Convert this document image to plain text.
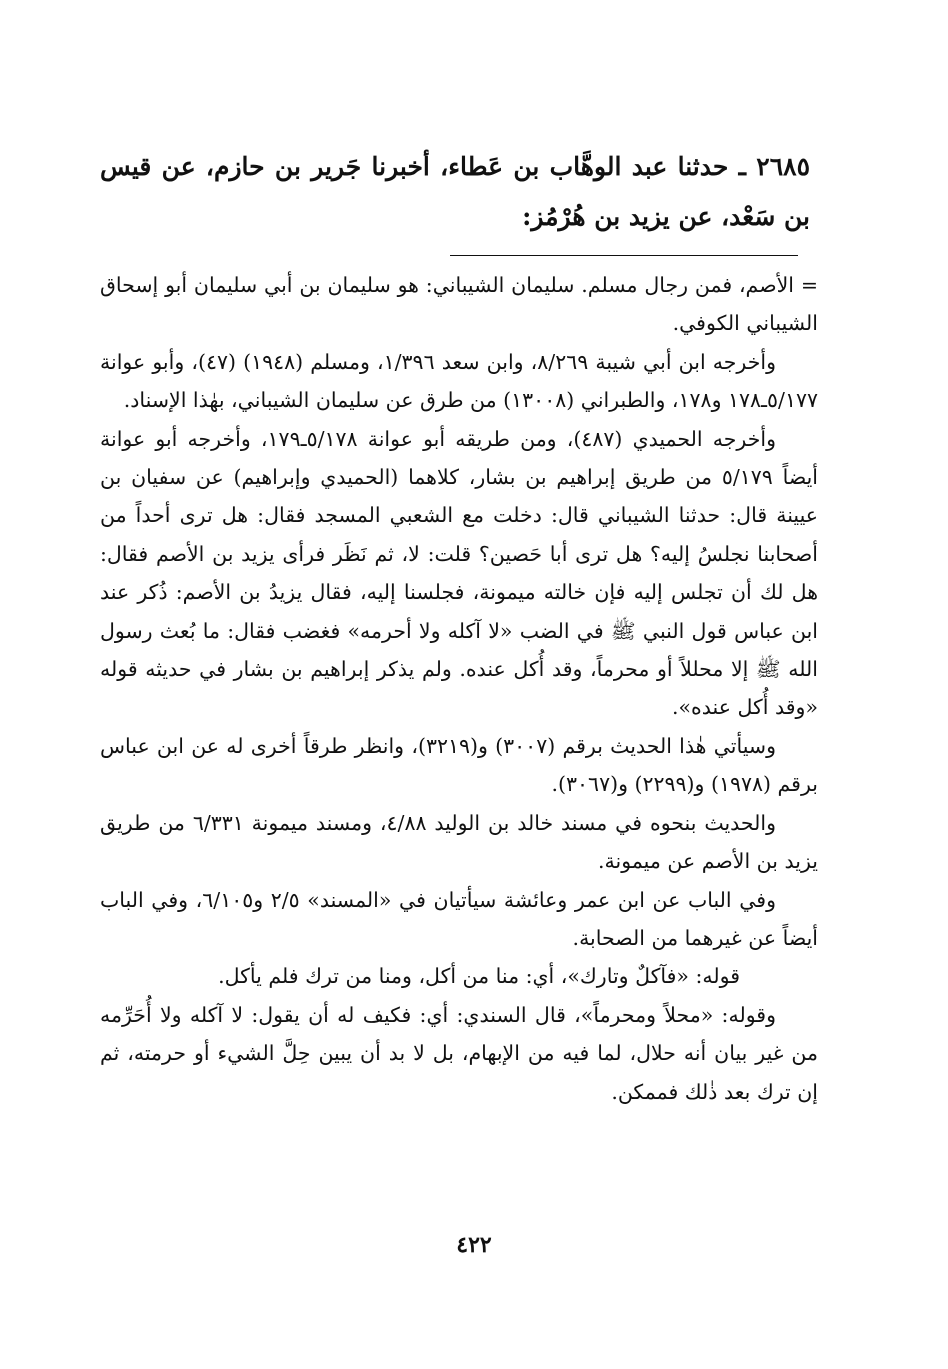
٢٦٨٥ ـ حدثنا عبد الوهَّاب بن عَطاء، أخبرنا جَرير بن حازم، عن قيس بن سَعْد، عن يزيد بن هُرْمُز:

= الأصم، فمن رجال مسلم. سليمان الشيباني: هو سليمان بن أبي سليمان أبو إسحاق الشيباني الكوفي.

وأخرجه ابن أبي شيبة ٨/٢٦٩، وابن سعد ١/٣٩٦، ومسلم (١٩٤٨) (٤٧)، وأبو عوانة ٥/١٧٧ـ١٧٨ و١٧٨، والطبراني (١٣٠٠٨) من طرق عن سليمان الشيباني، بهٰذا الإسناد.

وأخرجه الحميدي (٤٨٧)، ومن طريقه أبو عوانة ٥/١٧٨ـ١٧٩، وأخرجه أبو عوانة أيضاً ٥/١٧٩ من طريق إبراهيم بن بشار، كلاهما (الحميدي وإبراهيم) عن سفيان بن عيينة قال: حدثنا الشيباني قال: دخلت مع الشعبي المسجد فقال: هل ترى أحداً من أصحابنا نجلسُ إليه؟ هل ترى أبا حَصين؟ قلت: لا، ثم نَظَر فرأى يزيد بن الأصم فقال: هل لك أن تجلس إليه فإن خالته ميمونة، فجلسنا إليه، فقال يزيدُ بن الأصم: ذُكر عند ابن عباس قول النبي ﷺ في الضب «لا آكله ولا أحرمه» فغضب فقال: ما بُعث رسول الله ﷺ إلا محللاً أو محرماً، وقد أُكل عنده. ولم يذكر إبراهيم بن بشار في حديثه قوله «وقد أُكل عنده».

وسيأتي هٰذا الحديث برقم (٣٠٠٧) و(٣٢١٩)، وانظر طرقاً أخرى له عن ابن عباس برقم (١٩٧٨) و(٢٢٩٩) و(٣٠٦٧).

والحديث بنحوه في مسند خالد بن الوليد ٤/٨٨، ومسند ميمونة ٦/٣٣١ من طريق يزيد بن الأصم عن ميمونة.

وفي الباب عن ابن عمر وعائشة سيأتيان في «المسند» ٢/٥ و٦/١٠٥، وفي الباب أيضاً عن غيرهما من الصحابة.

قوله: «فآكلٌ وتارك»، أي: منا من أكل، ومنا من ترك فلم يأكل.

وقوله: «محلاً ومحرماً»، قال السندي: أي: فكيف له أن يقول: لا آكله ولا أُحَرِّمه من غير بيان أنه حلال، لما فيه من الإبهام، بل لا بد أن يبين حِلَّ الشيء أو حرمته، ثم إن ترك بعد ذٰلك فممكن.

٤٢٢
